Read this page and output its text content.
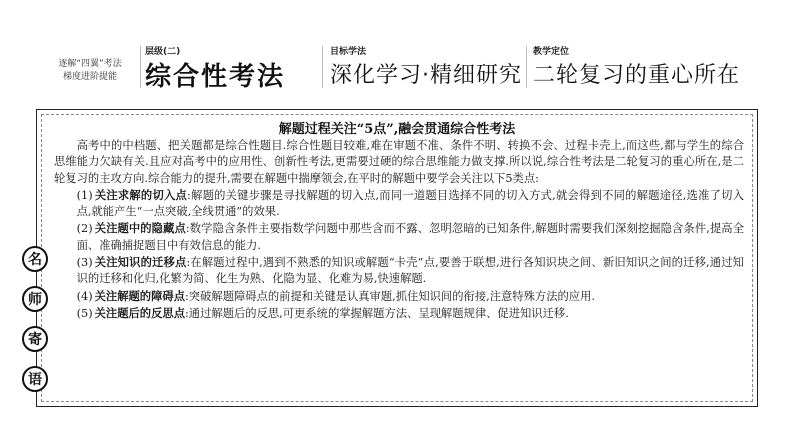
逐解“四翼”考法
梯度进阶提能
层级(二)
综合性考法
目标学法
深化学习·精细研究
教学定位
二轮复习的重心所在
解题过程关注“5点”,融会贯通综合性考法

高考中的中档题、把关题都是综合性题目.综合性题目较难,难在审题不准、条件不明、转换不会、过程卡壳上,而这些,都与学生的综合思维能力欠缺有关.且应对高考中的应用性、创新性考法,更需要过硬的综合思维能力做支撑.所以说,综合性考法是二轮复习的重心所在,是二轮复习的主攻方向.综合能力的提升,需要在解题中揣摩领会,在平时的解题中要学会关注以下5类点:

(1) 关注求解的切入点:解题的关键步骤是寻找解题的切入点,而同一道题目选择不同的切入方式,就会得到不同的解题途径,选准了切入点,就能产生“一点突破,全线贯通”的效果.

(2) 关注题中的隐藏点:数学隐含条件主要指数学问题中那些含而不露、忽明忽暗的已知条件,解题时需要我们深刻挖掘隐含条件,提高全面、准确捕捉题目中有效信息的能力.

(3) 关注知识的迁移点:在解题过程中,遇到不熟悉的知识或解题“卡壳”点,要善于联想,进行各知识块之间、新旧知识之间的迁移,通过知识的迁移和化归,化繁为简、化生为熟、化隐为显、化难为易,快速解题.

(4) 关注解题的障碍点:突破解题障碍点的前提和关键是认真审题,抓住知识间的衔接,注意特殊方法的应用.

(5) 关注题后的反思点:通过解题后的反思,可更系统的掌握解题方法、呈现解题规律、促进知识迁移.

名
师
寄
语
